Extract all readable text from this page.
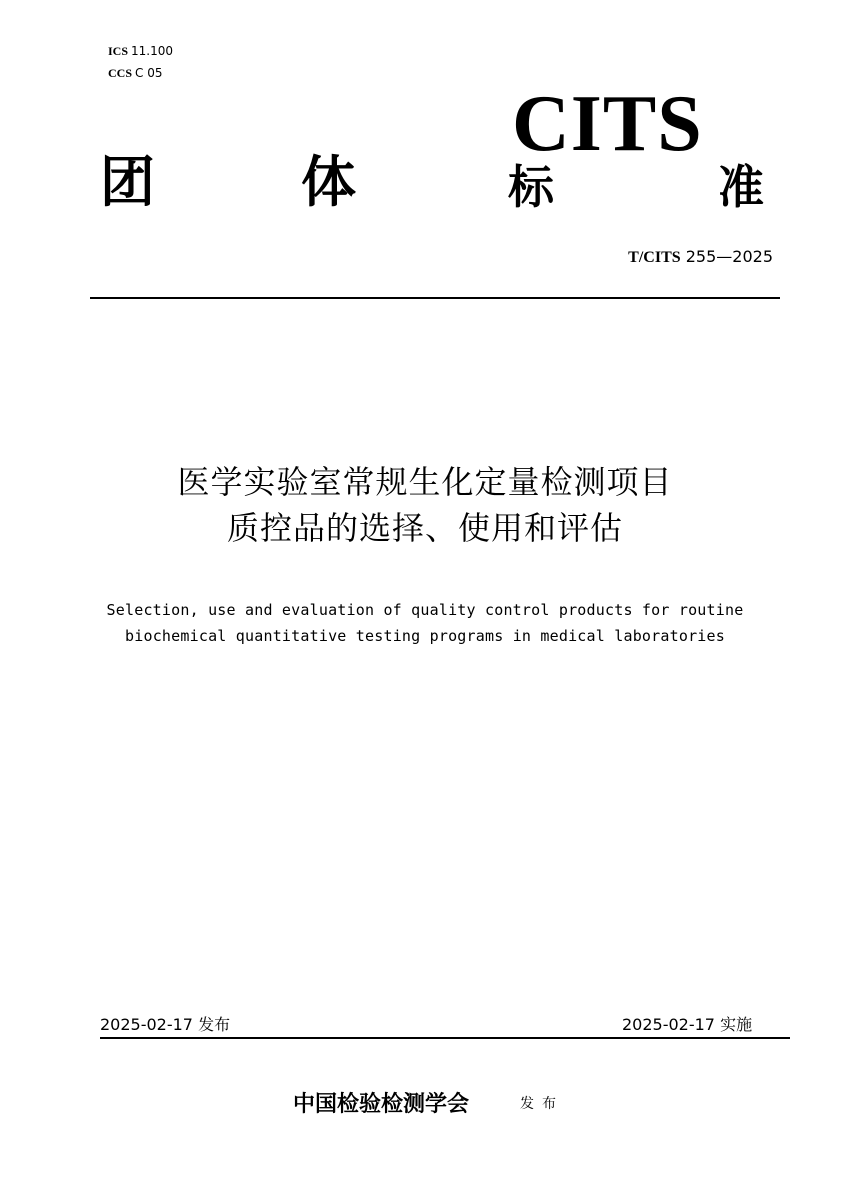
ICS 11.100
CCS C 05
CITS
团	体	标	准
T/CITS 255—2025
医学实验室常规生化定量检测项目
质控品的选择、使用和评估
Selection, use and evaluation of quality control products for routine
biochemical quantitative testing programs in medical laboratories
2025-02-17 发布	2025-02-17 实施
中国检验检测学会	发布
